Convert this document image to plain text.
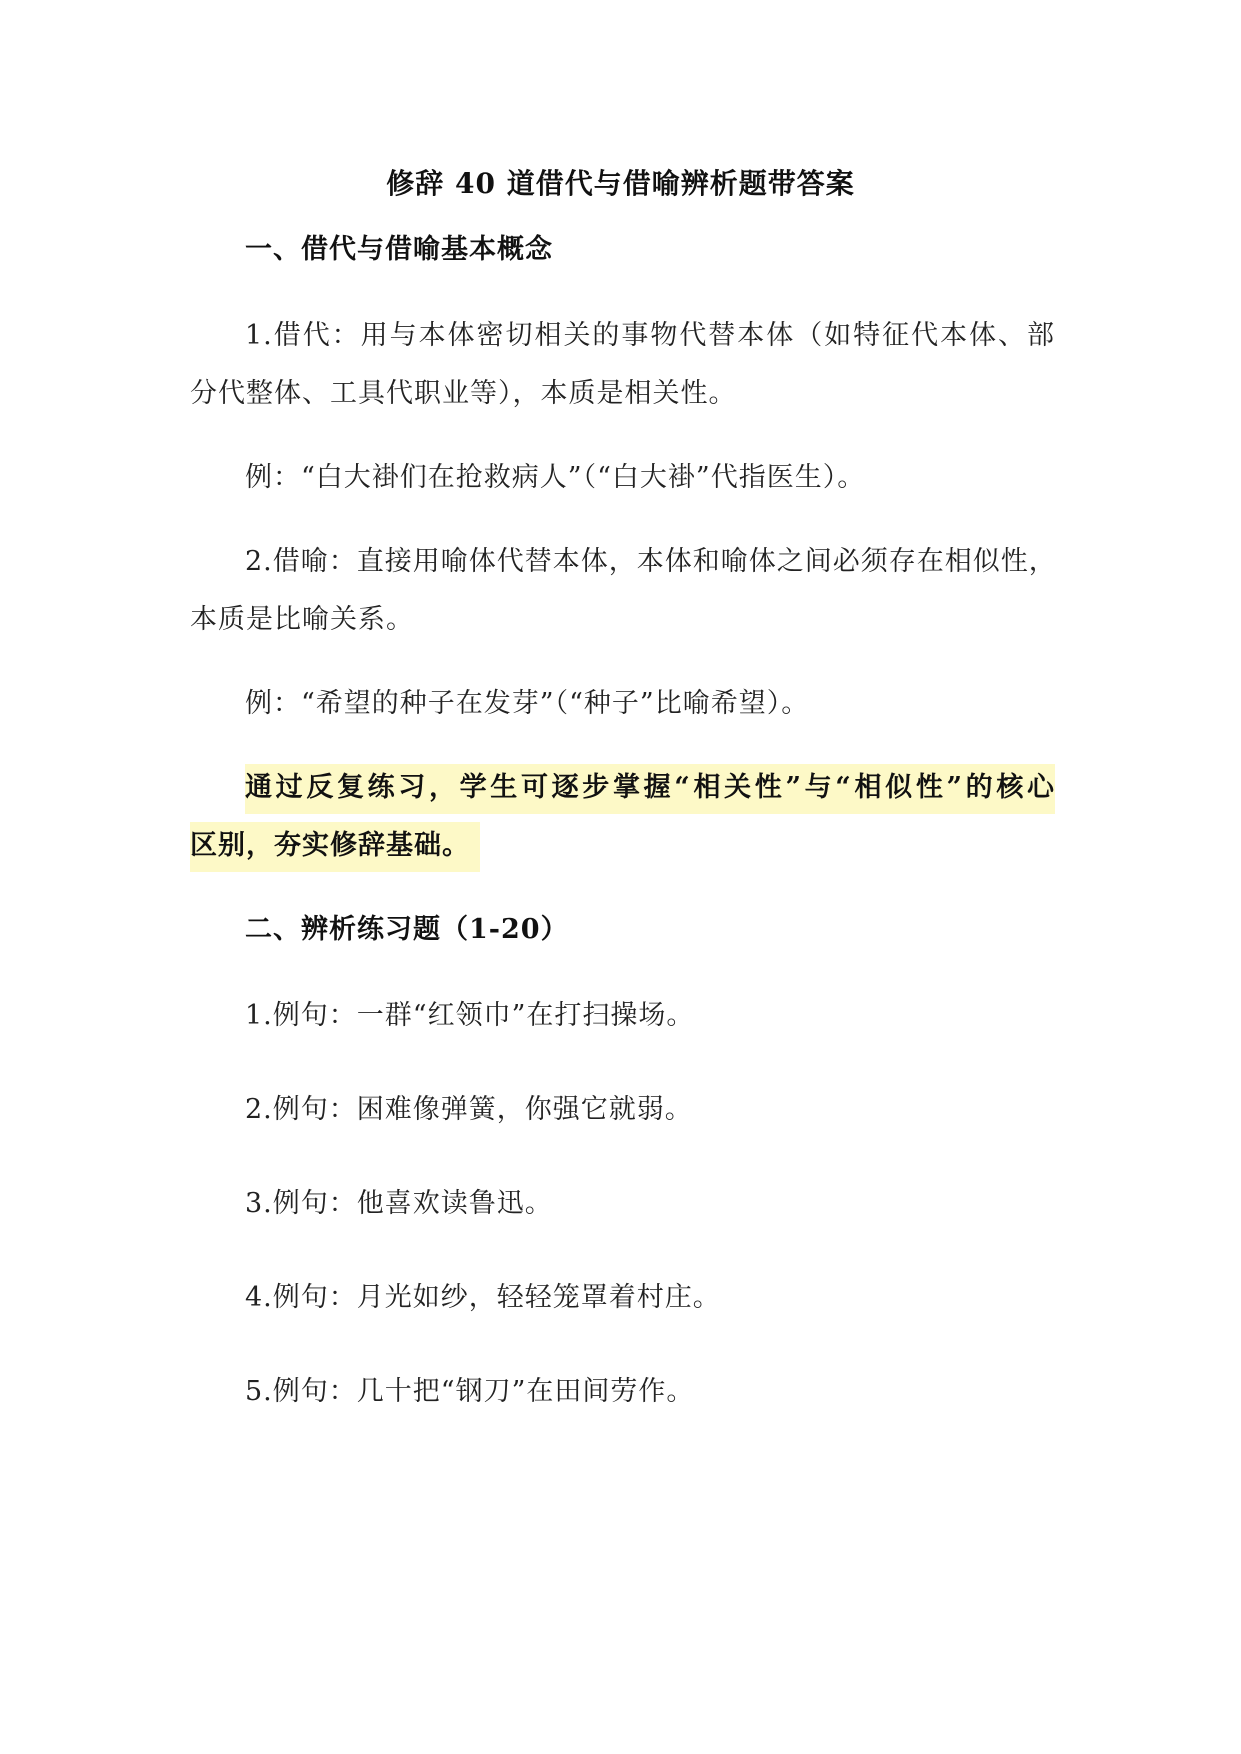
修辞 40 道借代与借喻辨析题带答案
一、借代与借喻基本概念
1.借代：用与本体密切相关的事物代替本体（如特征代本体、部
分代整体、工具代职业等），本质是相关性。
例：“白大褂们在抢救病人”（“白大褂”代指医生）。
2.借喻：直接用喻体代替本体，本体和喻体之间必须存在相似性，
本质是比喻关系。
例：“希望的种子在发芽”（“种子”比喻希望）。
通过反复练习，学生可逐步掌握“相关性”与“相似性”的核心
区别，夯实修辞基础。
二、辨析练习题（1-20）
1.例句：一群“红领巾”在打扫操场。
2.例句：困难像弹簧，你强它就弱。
3.例句：他喜欢读鲁迅。
4.例句：月光如纱，轻轻笼罩着村庄。
5.例句：几十把“钢刀”在田间劳作。
